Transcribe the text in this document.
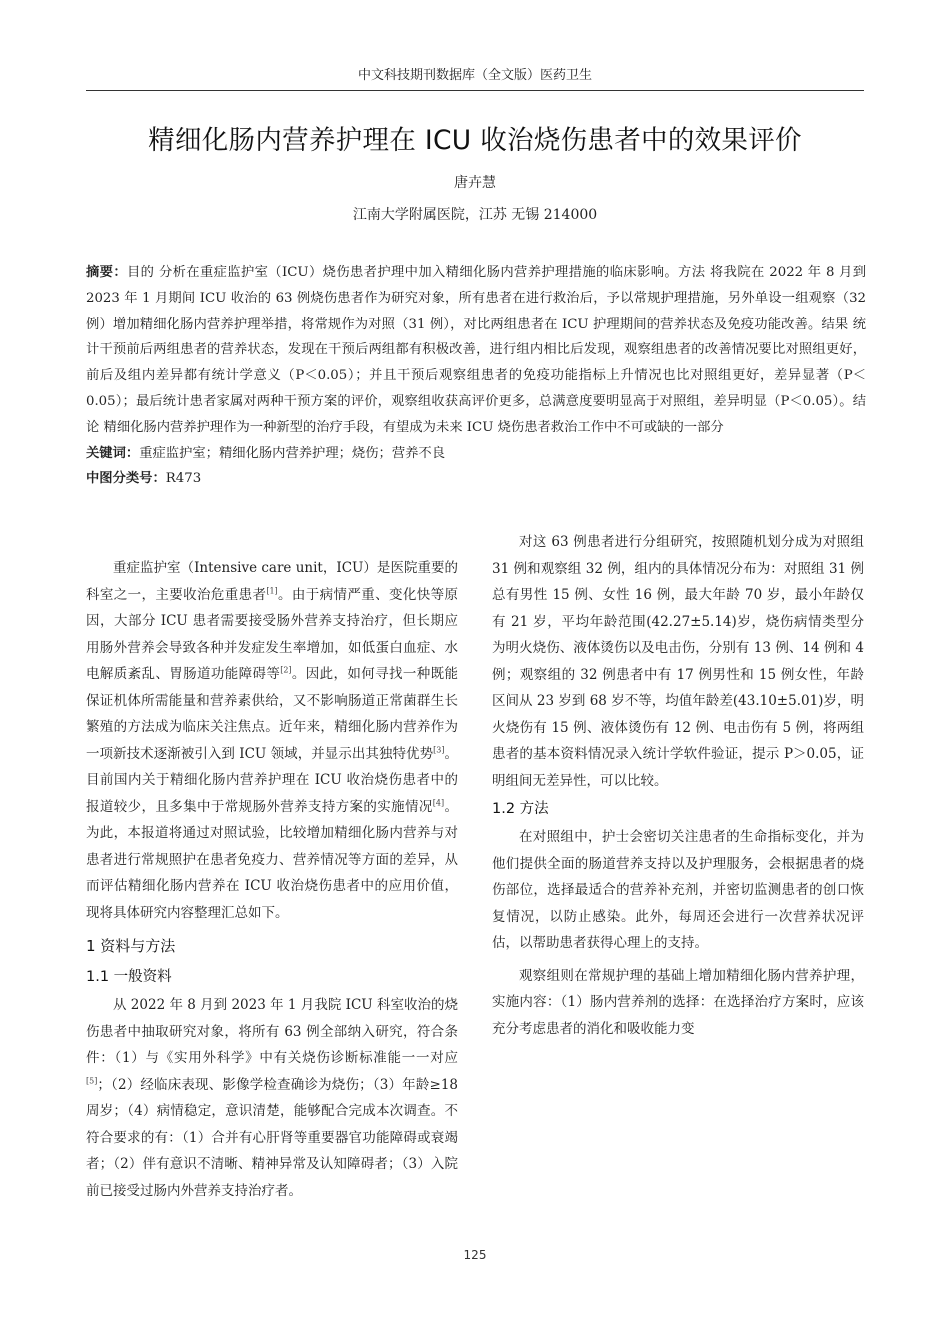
中文科技期刊数据库（全文版）医药卫生
精细化肠内营养护理在 ICU 收治烧伤患者中的效果评价
唐卉慧
江南大学附属医院，江苏 无锡 214000

摘要：目的 分析在重症监护室（ICU）烧伤患者护理中加入精细化肠内营养护理措施的临床影响。方法 将我院在 2022 年 8 月到 2023 年 1 月期间 ICU 收治的 63 例烧伤患者作为研究对象，所有患者在进行救治后，予以常规护理措施，另外单设一组观察（32 例）增加精细化肠内营养护理举措，将常规作为对照（31 例），对比两组患者在 ICU 护理期间的营养状态及免疫功能改善。结果 统计干预前后两组患者的营养状态，发现在干预后两组都有积极改善，进行组内相比后发现，观察组患者的改善情况要比对照组更好，前后及组内差异都有统计学意义（P＜0.05）；并且干预后观察组患者的免疫功能指标上升情况也比对照组更好，差异显著（P＜0.05）；最后统计患者家属对两种干预方案的评价，观察组收获高评价更多，总满意度要明显高于对照组，差异明显（P＜0.05）。结论 精细化肠内营养护理作为一种新型的治疗手段，有望成为未来 ICU 烧伤患者救治工作中不可或缺的一部分

关键词：重症监护室；精细化肠内营养护理；烧伤；营养不良

中图分类号：R473

重症监护室（Intensive care unit，ICU）是医院重要的科室之一，主要收治危重患者[1]。由于病情严重、变化快等原因，大部分 ICU 患者需要接受肠外营养支持治疗，但长期应用肠外营养会导致各种并发症发生率增加，如低蛋白血症、水电解质紊乱、胃肠道功能障碍等[2]。因此，如何寻找一种既能保证机体所需能量和营养素供给，又不影响肠道正常菌群生长繁殖的方法成为临床关注焦点。近年来，精细化肠内营养作为一项新技术逐渐被引入到 ICU 领域，并显示出其独特优势[3]。目前国内关于精细化肠内营养护理在 ICU 收治烧伤患者中的报道较少，且多集中于常规肠外营养支持方案的实施情况[4]。为此，本报道将通过对照试验，比较增加精细化肠内营养与对患者进行常规照护在患者免疫力、营养情况等方面的差异，从而评估精细化肠内营养在 ICU 收治烧伤患者中的应用价值，现将具体研究内容整理汇总如下。

1 资料与方法
1.1 一般资料

从 2022 年 8 月到 2023 年 1 月我院 ICU 科室收治的烧伤患者中抽取研究对象，将所有 63 例全部纳入研究，符合条件：（1）与《实用外科学》中有关烧伤诊断标准能一一对应[5]；（2）经临床表现、影像学检查确诊为烧伤；（3）年龄≥18 周岁；（4）病情稳定，意识清楚，能够配合完成本次调查。不符合要求的有：（1）合并有心肝肾等重要器官功能障碍或衰竭者；（2）伴有意识不清晰、精神异常及认知障碍者；（3）入院前已接受过肠内外营养支持治疗者。

对这 63 例患者进行分组研究，按照随机划分成为对照组 31 例和观察组 32 例，组内的具体情况分布为：对照组 31 例总有男性 15 例、女性 16 例，最大年龄 70 岁，最小年龄仅有 21 岁，平均年龄范围(42.27±5.14)岁，烧伤病情类型分为明火烧伤、液体烫伤以及电击伤，分别有 13 例、14 例和 4 例；观察组的 32 例患者中有 17 例男性和 15 例女性，年龄区间从 23 岁到 68 岁不等，均值年龄差(43.10±5.01)岁，明火烧伤有 15 例、液体烫伤有 12 例、电击伤有 5 例，将两组患者的基本资料情况录入统计学软件验证，提示 P＞0.05，证明组间无差异性，可以比较。

1.2 方法

在对照组中，护士会密切关注患者的生命指标变化，并为他们提供全面的肠道营养支持以及护理服务，会根据患者的烧伤部位，选择最适合的营养补充剂，并密切监测患者的创口恢复情况，以防止感染。此外，每周还会进行一次营养状况评估，以帮助患者获得心理上的支持。

观察组则在常规护理的基础上增加精细化肠内营养护理，实施内容：（1）肠内营养剂的选择：在选择治疗方案时，应该充分考虑患者的消化和吸收能力变

125
